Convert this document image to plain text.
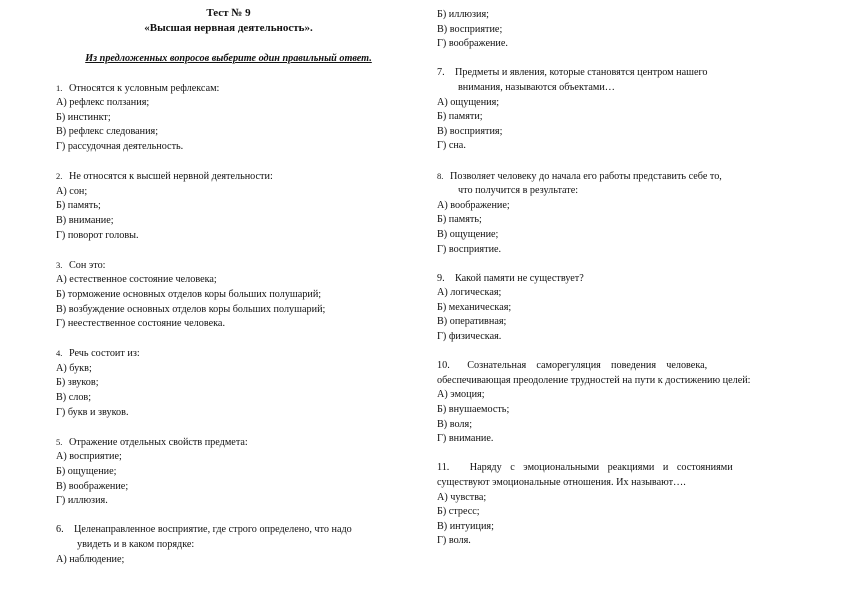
Тест № 9
«Высшая нервная деятельность».
Из предложенных вопросов выберите один правильный ответ.
1. Относятся к условным рефлексам:
А) рефлекс ползания;
Б) инстинкт;
В) рефлекс следования;
Г) рассудочная деятельность.
2. Не относятся к высшей нервной деятельности:
А) сон;
Б) память;
В) внимание;
Г) поворот головы.
3. Сон это:
А) естественное состояние человека;
Б) торможение основных отделов коры больших полушарий;
В) возбуждение основных отделов коры больших полушарий;
Г) неестественное состояние человека.
4. Речь состоит из:
А) букв;
Б) звуков;
В) слов;
Г) букв и звуков.
5. Отражение отдельных свойств предмета:
А) восприятие;
Б) ощущение;
В) воображение;
Г) иллюзия.
6. Целенаправленное восприятие, где строго определено, что надо
увидеть и в каком порядке:
А) наблюдение;
Б) иллюзия;
В) восприятие;
Г) воображение.
7. Предметы и явления, которые становятся центром нашего
внимания, называются объектами…
А) ощущения;
Б) памяти;
В) восприятия;
Г) сна.
8. Позволяет человеку до начала его работы представить себе то,
что получится в результате:
А) воображение;
Б) память;
В) ощущение;
Г) восприятие.
9. Какой памяти не существует?
А) логическая;
Б) механическая;
В) оперативная;
Г) физическая.
10. Сознательная    саморегуляция    поведения    человека,
обеспечивающая преодоление трудностей на пути к достижению целей:
А) эмоция;
Б) внушаемость;
В) воля;
Г) внимание.
11. Наряду с эмоциональными реакциями и состояниями
существуют эмоциональные отношения. Их называют….
А) чувства;
Б) стресс;
В) интуиция;
Г) воля.
